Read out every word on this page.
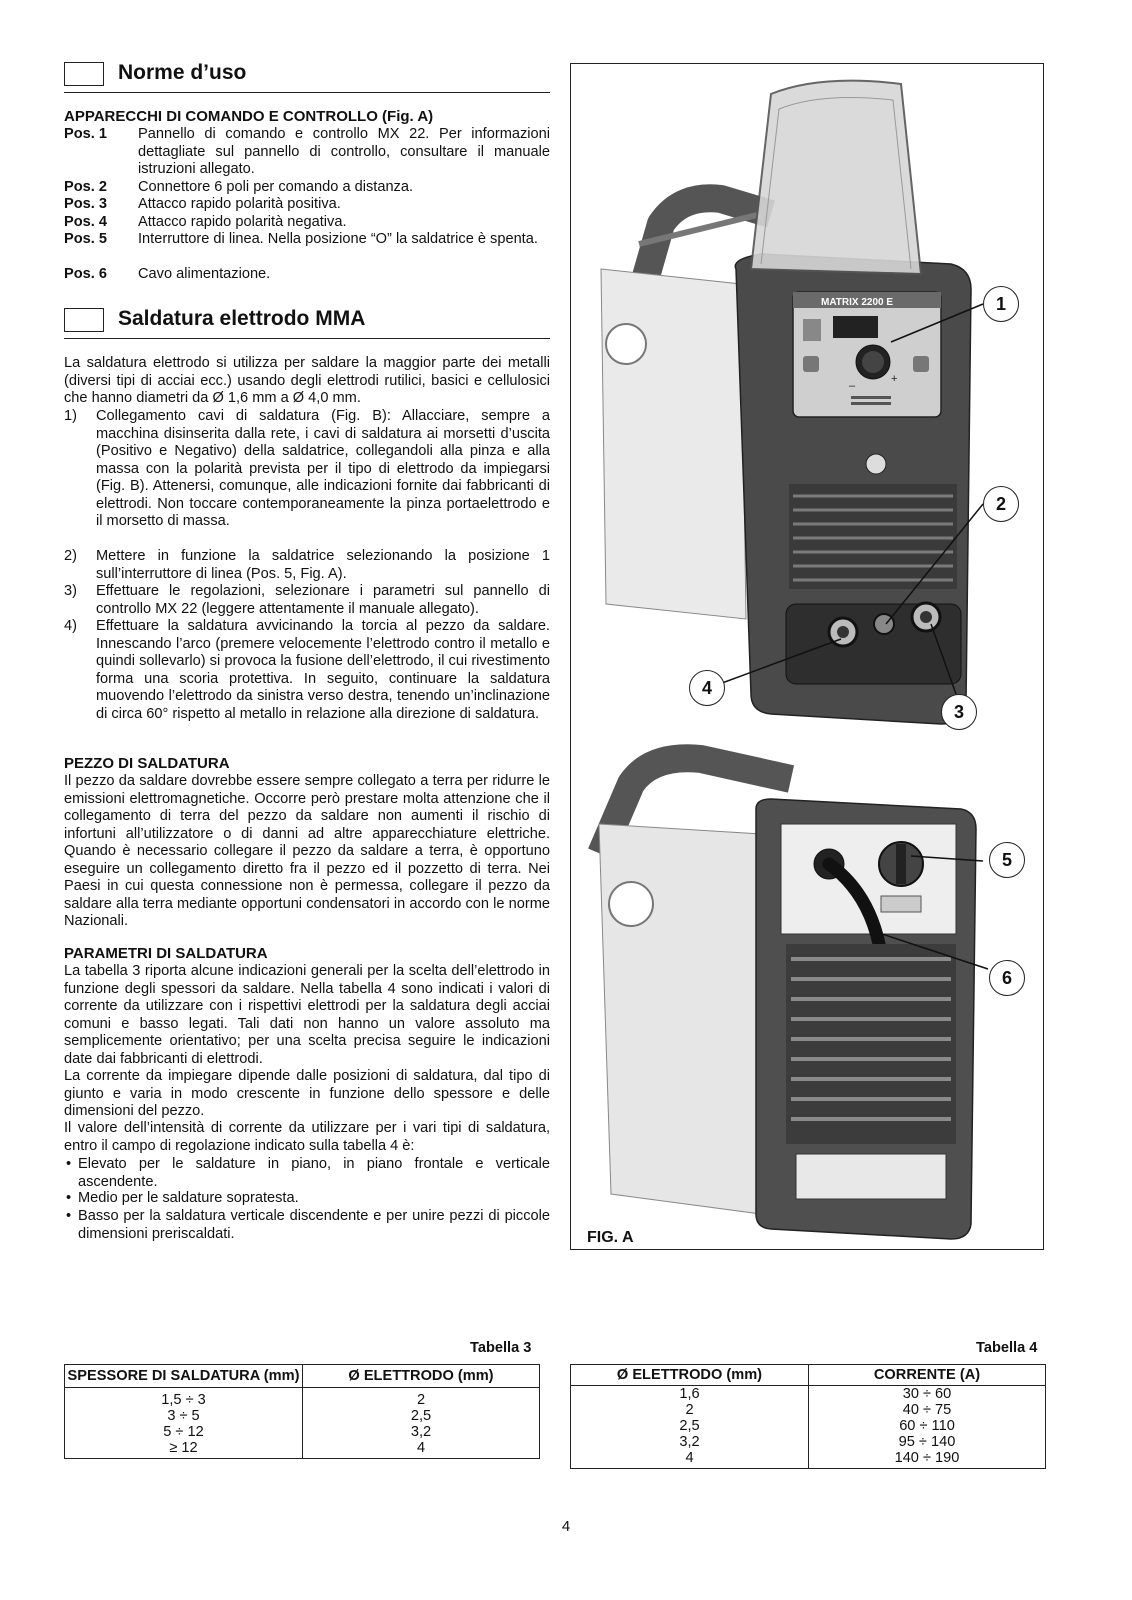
Norme d’uso
APPARECCHI DI COMANDO E CONTROLLO (Fig. A)
Pos. 1 Pannello di comando e controllo MX 22. Per informazioni dettagliate sul pannello di controllo, consultare il manuale istruzioni allegato.
Pos. 2 Connettore 6 poli per comando a distanza.
Pos. 3 Attacco rapido polarità positiva.
Pos. 4 Attacco rapido polarità negativa.
Pos. 5 Interruttore di linea. Nella posizione “O” la saldatrice è spenta.
Pos. 6 Cavo alimentazione.
Saldatura elettrodo MMA
La saldatura elettrodo si utilizza per saldare la maggior parte dei metalli (diversi tipi di acciai ecc.) usando degli elettrodi rutilici, basici e cellulosici che hanno diametri da Ø 1,6 mm a Ø 4,0 mm.
1) Collegamento cavi di saldatura (Fig. B): Allacciare, sempre a macchina disinserita dalla rete, i cavi di saldatura ai morsetti d’uscita (Positivo e Negativo) della saldatrice, collegandoli alla pinza e alla massa con la polarità prevista per il tipo di elettrodo da impiegarsi (Fig. B). Attenersi, comunque, alle indicazioni fornite dai fabbricanti di elettrodi. Non toccare contemporaneamente la pinza portaelettrodo e il morsetto di massa.
2) Mettere in funzione la saldatrice selezionando la posizione 1 sull’interruttore di linea (Pos. 5, Fig. A).
3) Effettuare le regolazioni, selezionare i parametri sul pannello di controllo MX 22 (leggere attentamente il manuale allegato).
4) Effettuare la saldatura avvicinando la torcia al pezzo da saldare. Innescando l’arco (premere velocemente l’elettrodo contro il metallo e quindi sollevarlo) si provoca la fusione dell’elettrodo, il cui rivestimento forma una scoria protettiva. In seguito, continuare la saldatura muovendo l’elettrodo da sinistra verso destra, tenendo un’inclinazione di circa 60° rispetto al metallo in relazione alla direzione di saldatura.
PEZZO DI SALDATURA
Il pezzo da saldare dovrebbe essere sempre collegato a terra per ridurre le emissioni elettromagnetiche. Occorre però prestare molta attenzione che il collegamento di terra del pezzo da saldare non aumenti il rischio di infortuni all’utilizzatore o di danni ad altre apparecchiature elettriche. Quando è necessario collegare il pezzo da saldare a terra, è opportuno eseguire un collegamento diretto fra il pezzo ed il pozzetto di terra. Nei Paesi in cui questa connessione non è permessa, collegare il pezzo da saldare alla terra mediante opportuni condensatori in accordo con le norme Nazionali.
PARAMETRI DI SALDATURA
La tabella 3 riporta alcune indicazioni generali per la scelta dell’elettrodo in funzione degli spessori da saldare. Nella tabella 4 sono indicati i valori di corrente da utilizzare con i rispettivi elettrodi per la saldatura degli acciai comuni e basso legati. Tali dati non hanno un valore assoluto ma semplicemente orientativo; per una scelta precisa seguire le indicazioni date dai fabbricanti di elettrodi.
La corrente da impiegare dipende dalle posizioni di saldatura, dal tipo di giunto e varia in modo crescente in funzione dello spessore e delle dimensioni del pezzo.
Il valore dell’intensità di corrente da utilizzare per i vari tipi di saldatura, entro il campo di regolazione indicato sulla tabella 4 è:
• Elevato per le saldature in piano, in piano frontale e verticale ascendente.
• Medio per le saldature sopratesta.
• Basso per la saldatura verticale discendente e per unire pezzi di piccole dimensioni preriscaldati.
MATRIX 2200 E
–
+
1
2
3
4
5
6
FIG. A
Tabella 3
SPESSORE DI SALDATURA (mm)	Ø ELETTRODO (mm)
1,5 ÷ 3	2
3 ÷ 5	2,5
5 ÷ 12	3,2
≥ 12	4
Tabella 4
Ø ELETTRODO (mm)	CORRENTE (A)
1,6	30 ÷ 60
2	40 ÷ 75
2,5	60 ÷ 110
3,2	95 ÷ 140
4	140 ÷ 190
4
